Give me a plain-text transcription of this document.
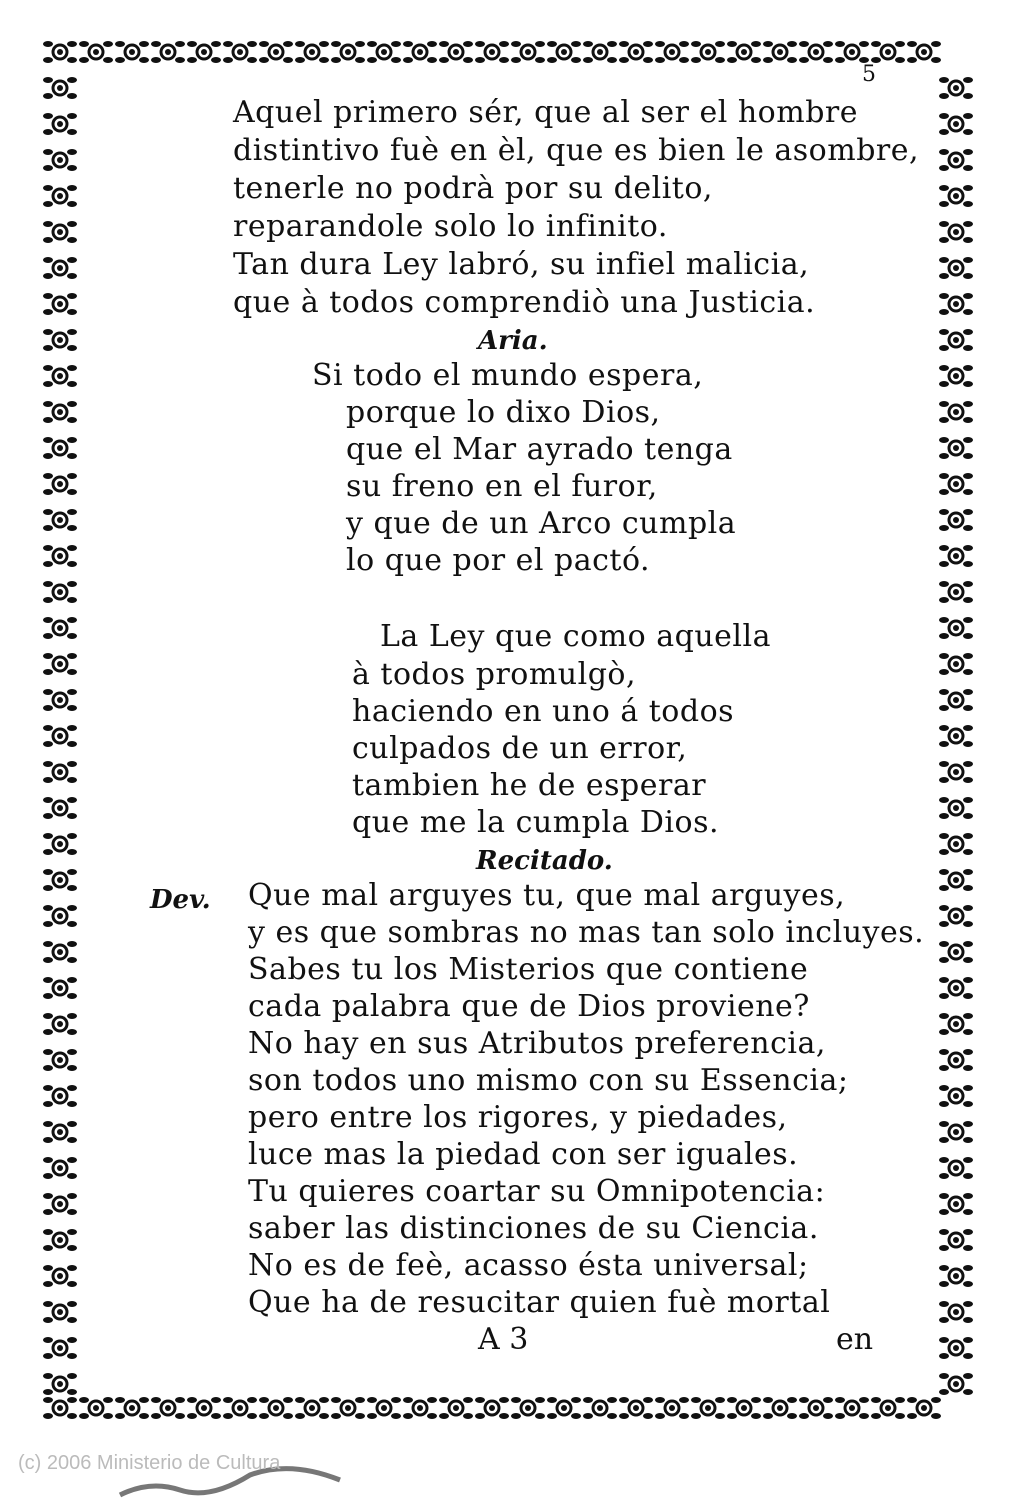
5
Aquel primero sér, que al ser el hombre
distintivo fuè en èl, que es bien le asombre,
tenerle no podrà por su delito,
reparandole solo lo infinito.
Tan dura Ley labró, su infiel malicia,
que à todos comprendiò una Justicia.
Aria.
Si todo el mundo espera,
porque lo dixo Dios,
que el Mar ayrado tenga
su freno en el furor,
y que de un Arco cumpla
lo que por el pactó.
La Ley que como aquella
à todos promulgò,
haciendo en uno á todos
culpados de un error,
tambien he de esperar
que me la cumpla Dios.
Recitado.
Dev. Que mal arguyes tu, que mal arguyes,
y es que sombras no mas tan solo incluyes.
Sabes tu los Misterios que contiene
cada palabra que de Dios proviene?
No hay en sus Atributos preferencia,
son todos uno mismo con su Essencia;
pero entre los rigores, y piedades,
luce mas la piedad con ser iguales.
Tu quieres coartar su Omnipotencia:
saber las distinciones de su Ciencia.
No es de feè, acasso ésta universal;
Que ha de resucitar quien fuè mortal
A 3	en
(c) 2006 Ministerio de Cultura
